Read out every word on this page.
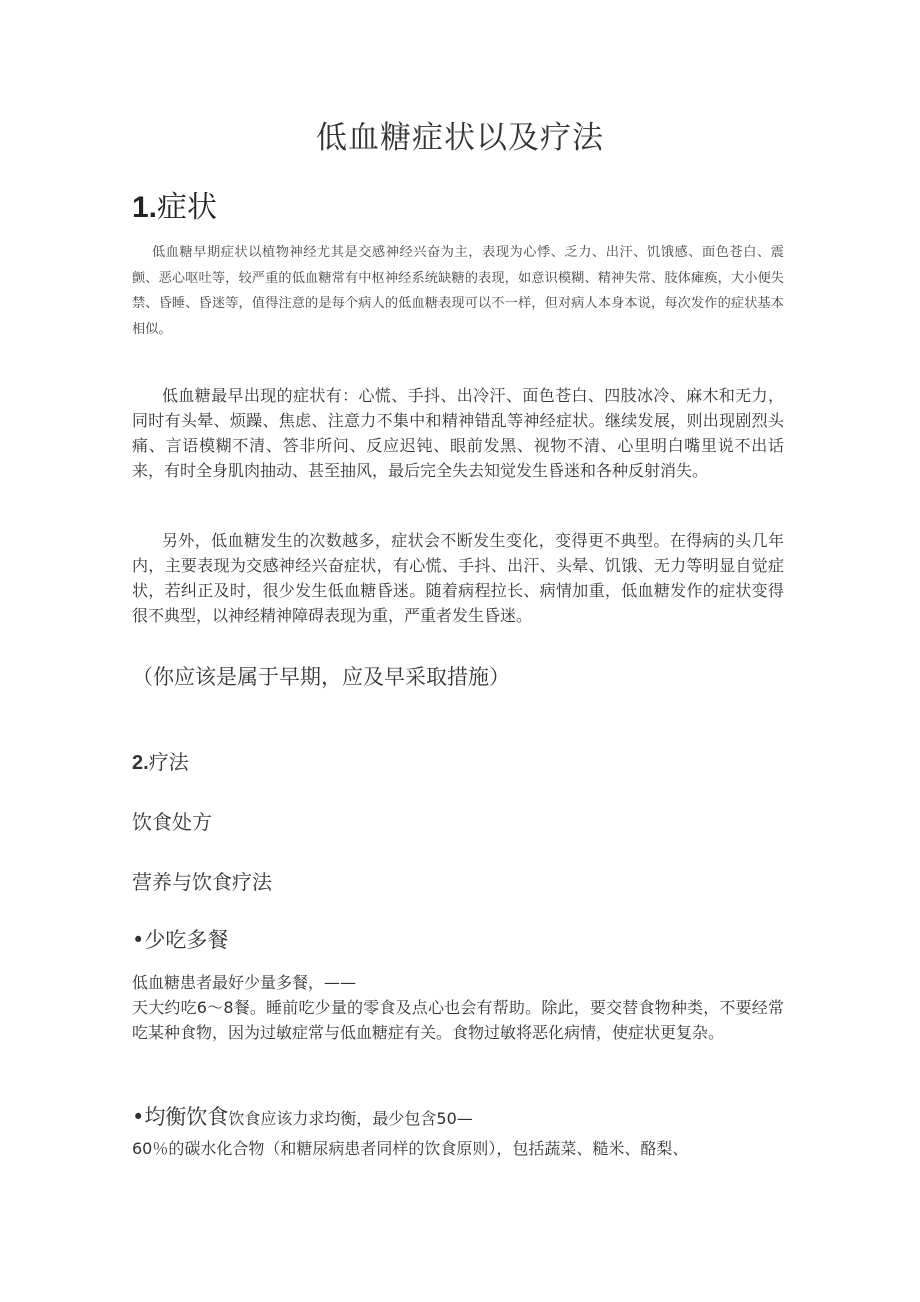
低血糖症状以及疗法
1.症状
低血糖早期症状以植物神经尤其是交感神经兴奋为主，表现为心悸、乏力、出汗、饥饿感、面色苍白、震颤、恶心呕吐等，较严重的低血糖常有中枢神经系统缺糖的表现，如意识模糊、精神失常、肢体瘫痪，大小便失禁、昏睡、昏迷等，值得注意的是每个病人的低血糖表现可以不一样，但对病人本身本说，每次发作的症状基本相似。
低血糖最早出现的症状有：心慌、手抖、出冷汗、面色苍白、四肢冰冷、麻木和无力，同时有头晕、烦躁、焦虑、注意力不集中和精神错乱等神经症状。继续发展，则出现剧烈头痛、言语模糊不清、答非所问、反应迟钝、眼前发黑、视物不清、心里明白嘴里说不出话来，有时全身肌肉抽动、甚至抽风，最后完全失去知觉发生昏迷和各种反射消失。
另外，低血糖发生的次数越多，症状会不断发生变化，变得更不典型。在得病的头几年内，主要表现为交感神经兴奋症状，有心慌、手抖、出汗、头晕、饥饿、无力等明显自觉症状，若纠正及时，很少发生低血糖昏迷。随着病程拉长、病情加重，低血糖发作的症状变得很不典型，以神经精神障碍表现为重，严重者发生昏迷。
（你应该是属于早期，应及早采取措施）
2.疗法
饮食处方
营养与饮食疗法
•少吃多餐
低血糖患者最好少量多餐，——
天大约吃6～8餐。睡前吃少量的零食及点心也会有帮助。除此，要交替食物种类，不要经常吃某种食物，因为过敏症常与低血糖症有关。食物过敏将恶化病情，使症状更复杂。
•均衡饮食饮食应该力求均衡，最少包含50—
60％的碳水化合物（和糖尿病患者同样的饮食原则），包括蔬菜、糙米、酪梨、
